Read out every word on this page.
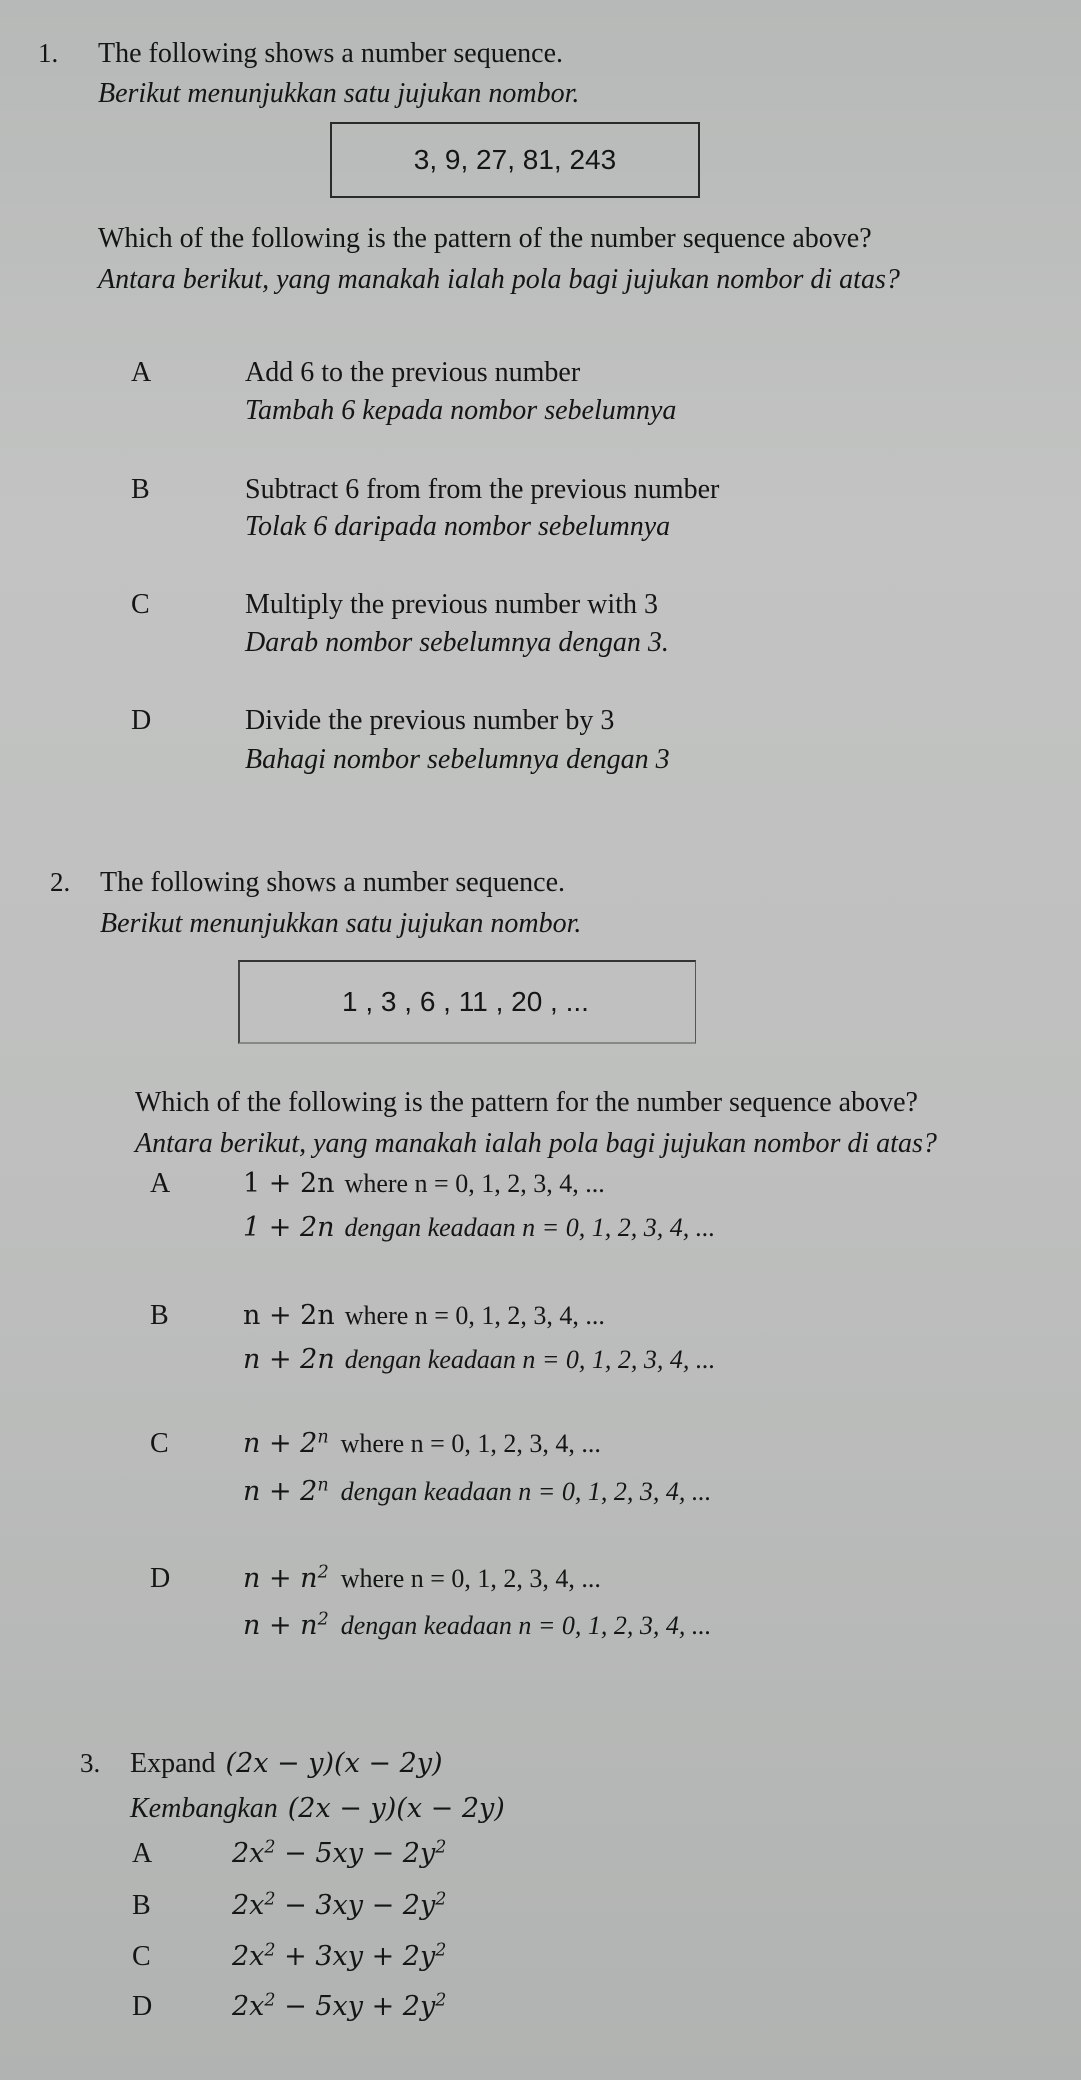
1. The following shows a number sequence.
Berikut menunjukkan satu jujukan nombor.
3, 9, 27, 81, 243
Which of the following is the pattern of the number sequence above?
Antara berikut, yang manakah ialah pola bagi jujukan nombor di atas?
A	Add 6 to the previous number
Tambah 6 kepada nombor sebelumnya
B	Subtract 6 from from the previous number
Tolak 6 daripada nombor sebelumnya
C	Multiply the previous number with 3
Darab nombor sebelumnya dengan 3.
D	Divide the previous number by 3
Bahagi nombor sebelumnya dengan 3
2. The following shows a number sequence.
Berikut menunjukkan satu jujukan nombor.
1 , 3 , 6 , 11 , 20 , ...
Which of the following is the pattern for the number sequence above?
Antara berikut, yang manakah ialah pola bagi jujukan nombor di atas?
A	1 + 2n where n = 0, 1, 2, 3, 4, ...
1 + 2n dengan keadaan n = 0, 1, 2, 3, 4, ...
B	n + 2n where n = 0, 1, 2, 3, 4, ...
n + 2n dengan keadaan n = 0, 1, 2, 3, 4, ...
C	$n + 2^n$ where n = 0, 1, 2, 3, 4, ...
$n + 2^n$ dengan keadaan n = 0, 1, 2, 3, 4, ...
D	$n + n^2$ where n = 0, 1, 2, 3, 4, ...
$n + n^2$ dengan keadaan n = 0, 1, 2, 3, 4, ...
3. Expand (2x − y)(x − 2y)
Kembangkan (2x − y)(x − 2y)
A	$2x^2 - 5xy - 2y^2$
B	$2x^2 - 3xy - 2y^2$
C	$2x^2 + 3xy + 2y^2$
D	$2x^2 - 5xy + 2y^2$
